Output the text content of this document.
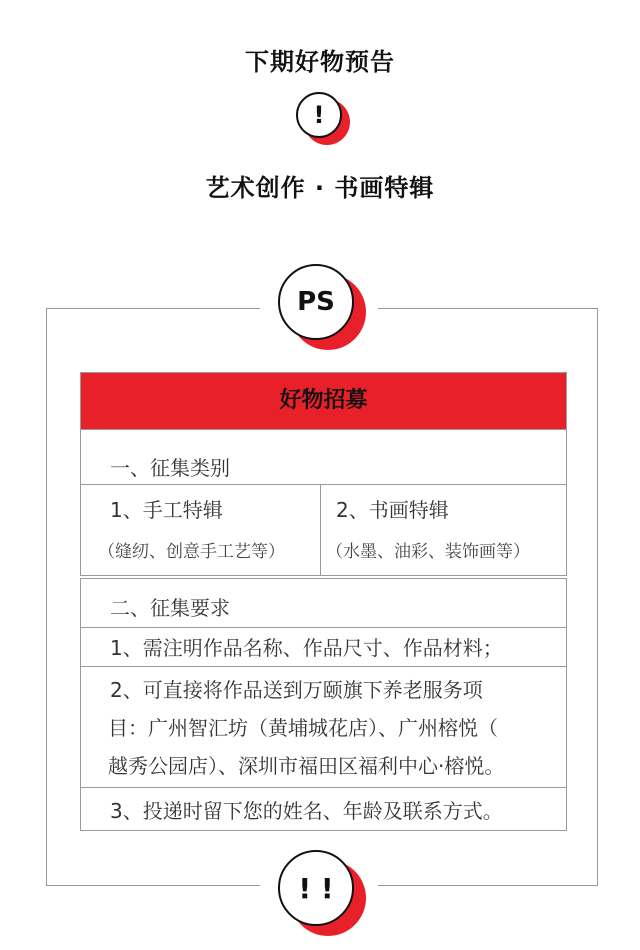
下期好物预告
!
艺术创作 · 书画特辑
PS
好物招募
一、征集类别
1、手工特辑
（缝纫、创意手工艺等）
2、书画特辑
（水墨、油彩、装饰画等）
二、征集要求
1、需注明作品名称、作品尺寸、作品材料；
2、可直接将作品送到万颐旗下养老服务项
目：广州智汇坊（黄埔城花店）、广州榕悦（
越秀公园店）、深圳市福田区福利中心·榕悦。
3、投递时留下您的姓名、年龄及联系方式。
! !
